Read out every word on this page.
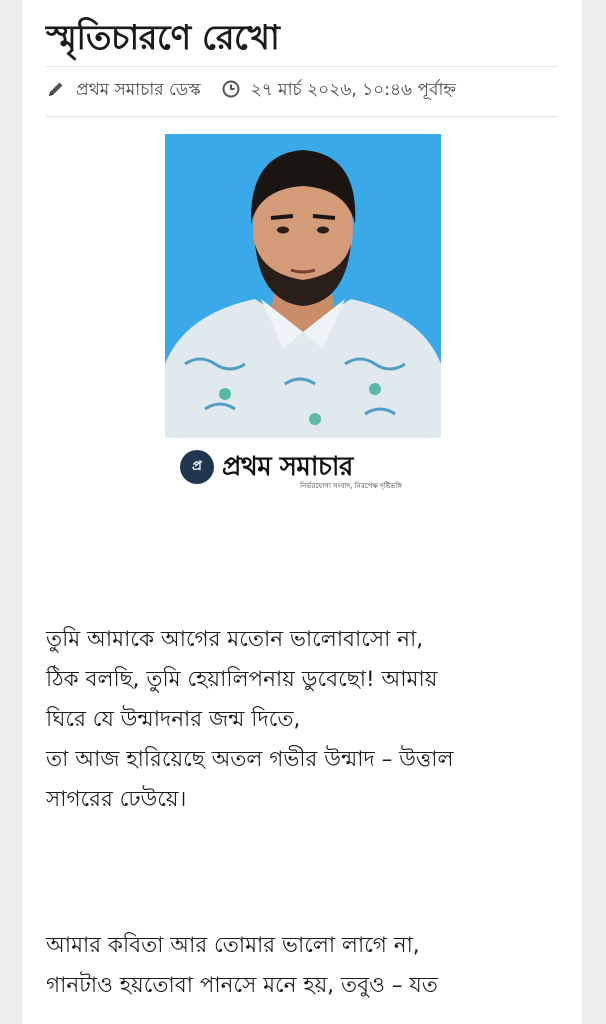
স্মৃতিচারণে রেখো
প্রথম সমাচার ডেস্ক	২৭ মার্চ ২০২৬, ১০:৪৬ পূর্বাহ্ন
প্র প্রথম সমাচার
নির্ভরযোগ্য সংবাদ, নিরপেক্ষ দৃষ্টিভঙ্গি
তুমি আমাকে আগের মতোন ভালোবাসো না,
ঠিক বলছি, তুমি হেয়ালিপনায় ডুবেছো! আমায়
ঘিরে যে উন্মাদনার জন্ম দিতে,
তা আজ হারিয়েছে অতল গভীর উন্মাদ – উত্তাল
সাগরের ঢেউয়ে।
আমার কবিতা আর তোমার ভালো লাগে না,
গানটাও হয়তোবা পানসে মনে হয়, তবুও – যত
